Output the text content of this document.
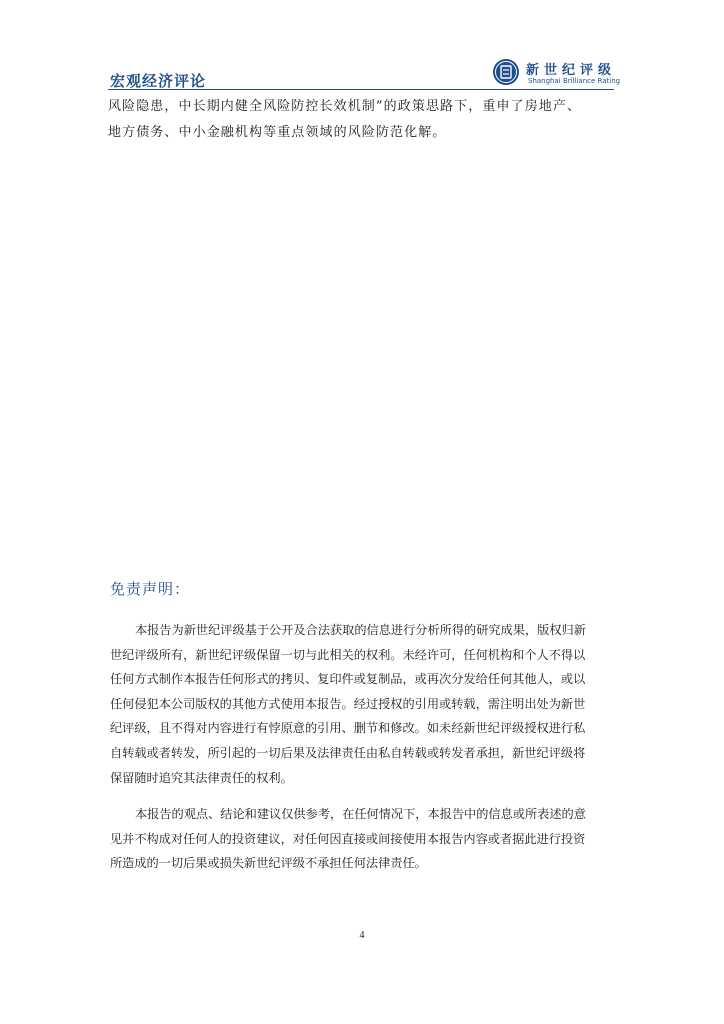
宏观经济评论
新世纪评级
Shanghai Brilliance Rating

风险隐患，中长期内健全风险防控长效机制”的政策思路下，重申了房地产、
地方债务、中小金融机构等重点领域的风险防范化解。

免责声明：

本报告为新世纪评级基于公开及合法获取的信息进行分析所得的研究成果，版权归新
世纪评级所有，新世纪评级保留一切与此相关的权利。未经许可，任何机构和个人不得以
任何方式制作本报告任何形式的拷贝、复印件或复制品，或再次分发给任何其他人，或以
任何侵犯本公司版权的其他方式使用本报告。经过授权的引用或转载，需注明出处为新世
纪评级，且不得对内容进行有悖原意的引用、删节和修改。如未经新世纪评级授权进行私
自转载或者转发，所引起的一切后果及法律责任由私自转载或转发者承担，新世纪评级将
保留随时追究其法律责任的权利。

本报告的观点、结论和建议仅供参考，在任何情况下，本报告中的信息或所表述的意
见并不构成对任何人的投资建议，对任何因直接或间接使用本报告内容或者据此进行投资
所造成的一切后果或损失新世纪评级不承担任何法律责任。

4
